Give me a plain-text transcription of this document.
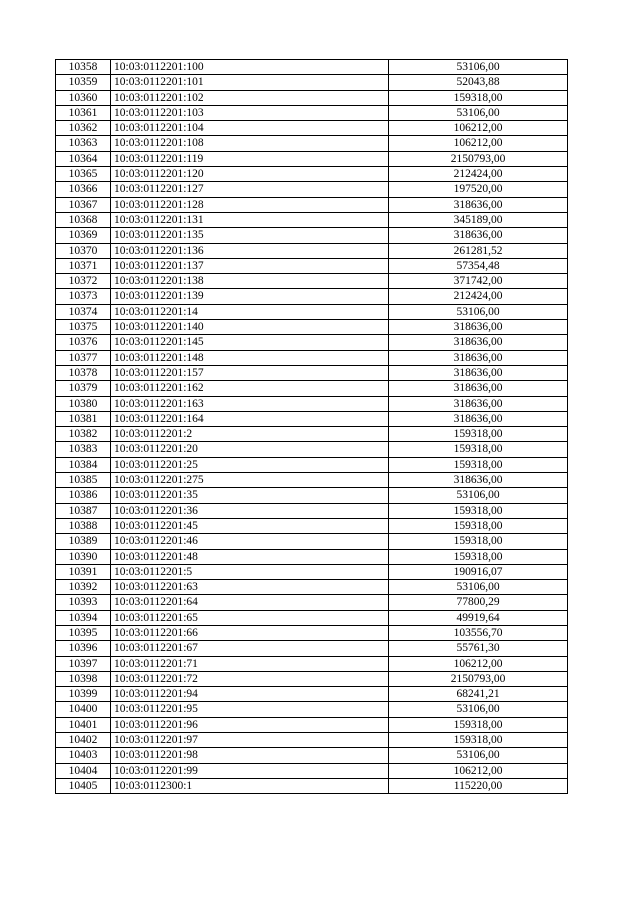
10358	10:03:0112201:100	53106,00
10359	10:03:0112201:101	52043,88
10360	10:03:0112201:102	159318,00
10361	10:03:0112201:103	53106,00
10362	10:03:0112201:104	106212,00
10363	10:03:0112201:108	106212,00
10364	10:03:0112201:119	2150793,00
10365	10:03:0112201:120	212424,00
10366	10:03:0112201:127	197520,00
10367	10:03:0112201:128	318636,00
10368	10:03:0112201:131	345189,00
10369	10:03:0112201:135	318636,00
10370	10:03:0112201:136	261281,52
10371	10:03:0112201:137	57354,48
10372	10:03:0112201:138	371742,00
10373	10:03:0112201:139	212424,00
10374	10:03:0112201:14	53106,00
10375	10:03:0112201:140	318636,00
10376	10:03:0112201:145	318636,00
10377	10:03:0112201:148	318636,00
10378	10:03:0112201:157	318636,00
10379	10:03:0112201:162	318636,00
10380	10:03:0112201:163	318636,00
10381	10:03:0112201:164	318636,00
10382	10:03:0112201:2	159318,00
10383	10:03:0112201:20	159318,00
10384	10:03:0112201:25	159318,00
10385	10:03:0112201:275	318636,00
10386	10:03:0112201:35	53106,00
10387	10:03:0112201:36	159318,00
10388	10:03:0112201:45	159318,00
10389	10:03:0112201:46	159318,00
10390	10:03:0112201:48	159318,00
10391	10:03:0112201:5	190916,07
10392	10:03:0112201:63	53106,00
10393	10:03:0112201:64	77800,29
10394	10:03:0112201:65	49919,64
10395	10:03:0112201:66	103556,70
10396	10:03:0112201:67	55761,30
10397	10:03:0112201:71	106212,00
10398	10:03:0112201:72	2150793,00
10399	10:03:0112201:94	68241,21
10400	10:03:0112201:95	53106,00
10401	10:03:0112201:96	159318,00
10402	10:03:0112201:97	159318,00
10403	10:03:0112201:98	53106,00
10404	10:03:0112201:99	106212,00
10405	10:03:0112300:1	115220,00
